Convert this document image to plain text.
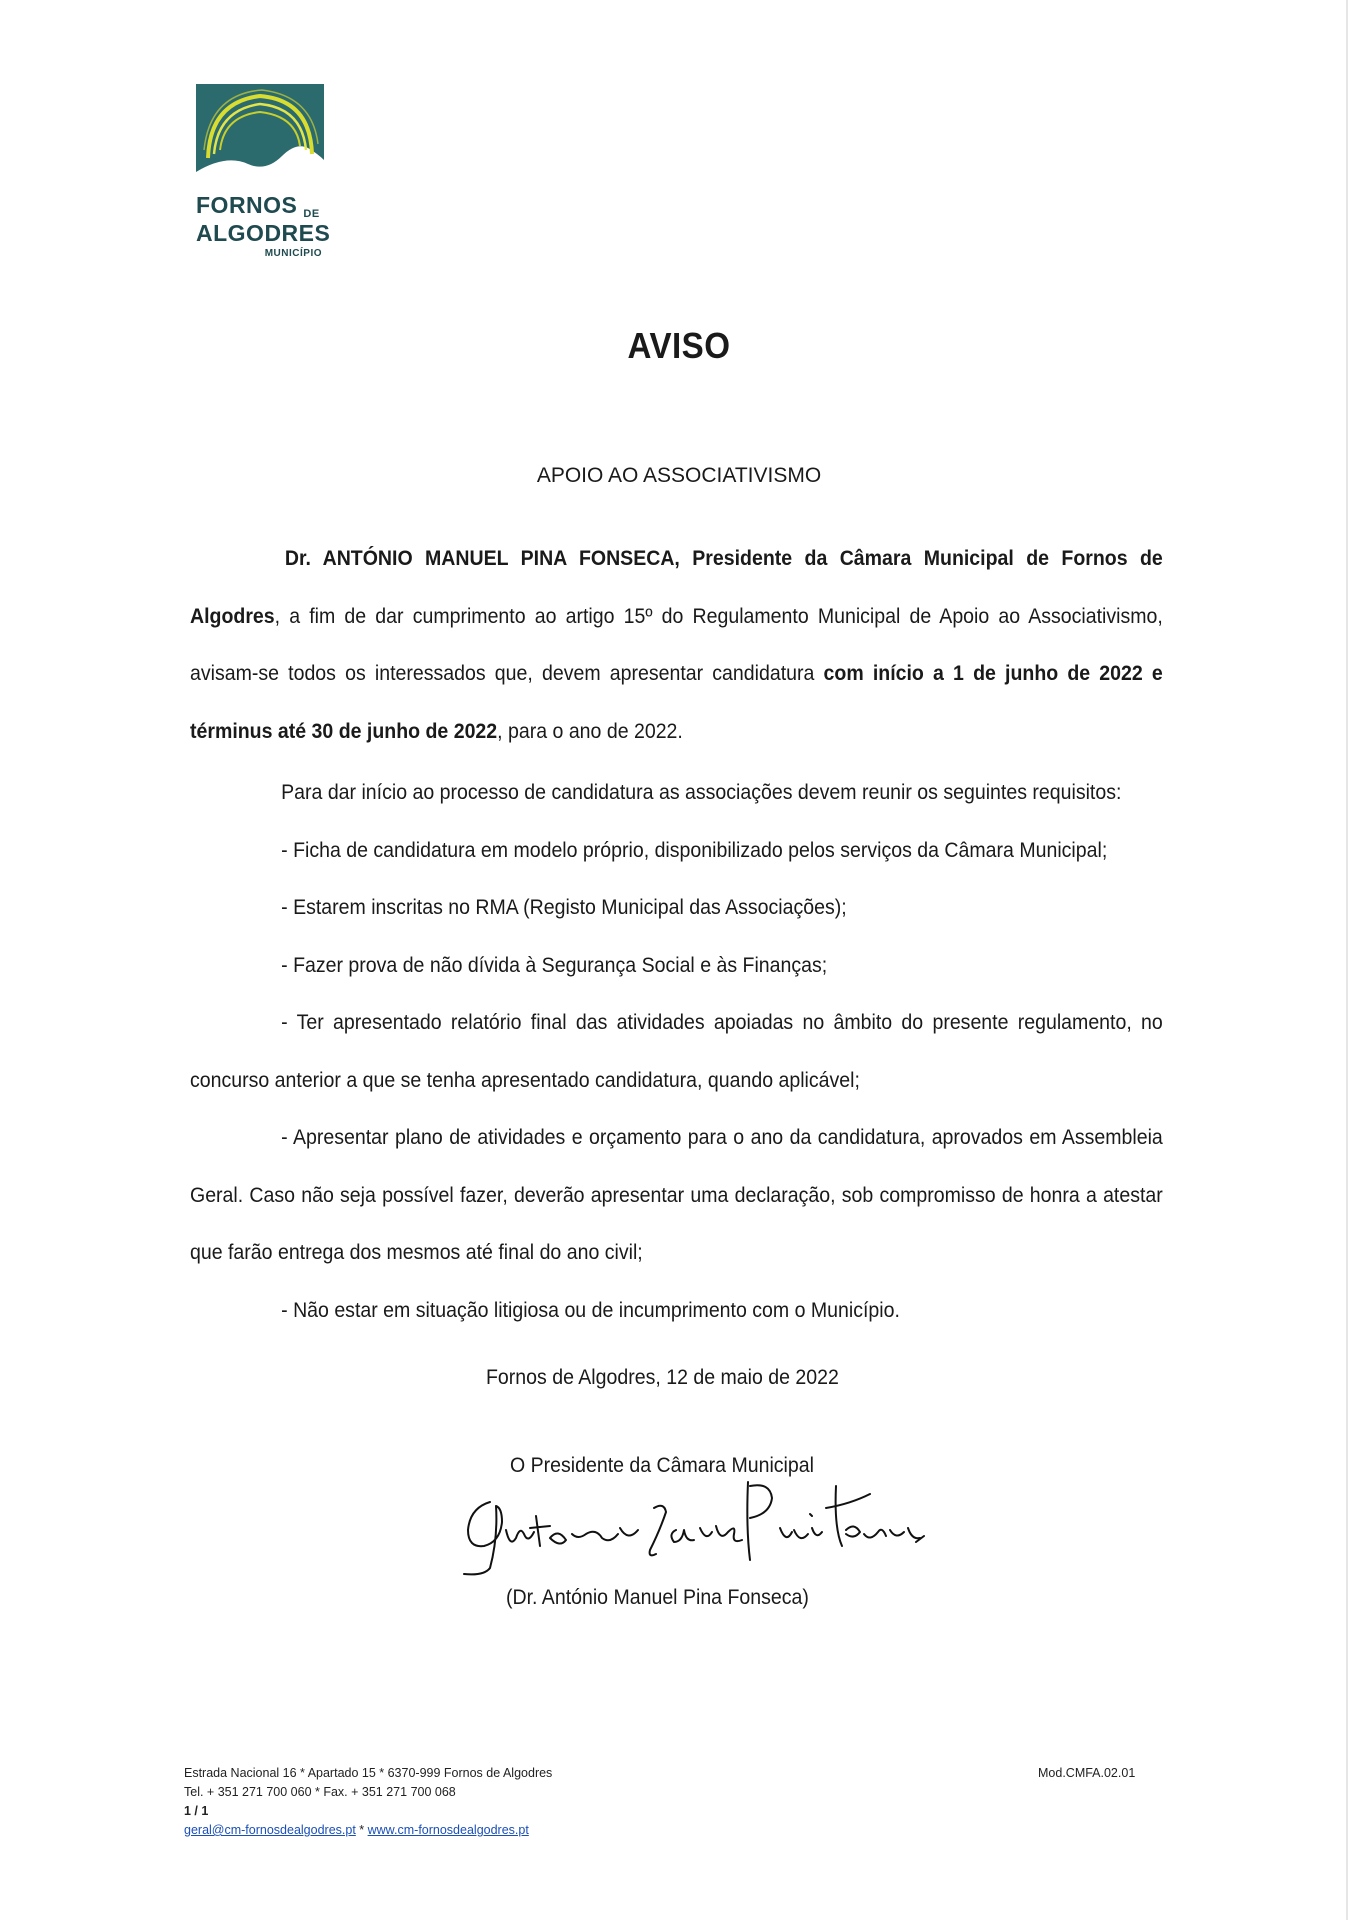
FORNOS DE
ALGODRES
MUNICÍPIO
AVISO
APOIO AO ASSOCIATIVISMO

Dr. ANTÓNIO MANUEL PINA FONSECA, Presidente da Câmara Municipal de Fornos de Algodres, a fim de dar cumprimento ao artigo 15º do Regulamento Municipal de Apoio ao Associativismo, avisam-se todos os interessados que, devem apresentar candidatura com início a 1 de junho de 2022 e términus até 30 de junho de 2022, para o ano de 2022.

Para dar início ao processo de candidatura as associações devem reunir os seguintes requisitos:

- Ficha de candidatura em modelo próprio, disponibilizado pelos serviços da Câmara Municipal;

- Estarem inscritas no RMA (Registo Municipal das Associações);

- Fazer prova de não dívida à Segurança Social e às Finanças;

- Ter apresentado relatório final das atividades apoiadas no âmbito do presente regulamento, no concurso anterior a que se tenha apresentado candidatura, quando aplicável;

- Apresentar plano de atividades e orçamento para o ano da candidatura, aprovados em Assembleia Geral. Caso não seja possível fazer, deverão apresentar uma declaração, sob compromisso de honra a atestar que farão entrega dos mesmos até final do ano civil;

- Não estar em situação litigiosa ou de incumprimento com o Município.

Fornos de Algodres, 12 de maio de 2022
O Presidente da Câmara Municipal
(Dr. António Manuel Pina Fonseca)
Estrada Nacional 16 * Apartado 15 * 6370-999 Fornos de Algodres
Tel. + 351 271 700 060 * Fax. + 351 271 700 068
1 / 1
geral@cm-fornosdealgodres.pt * www.cm-fornosdealgodres.pt
Mod.CMFA.02.01
